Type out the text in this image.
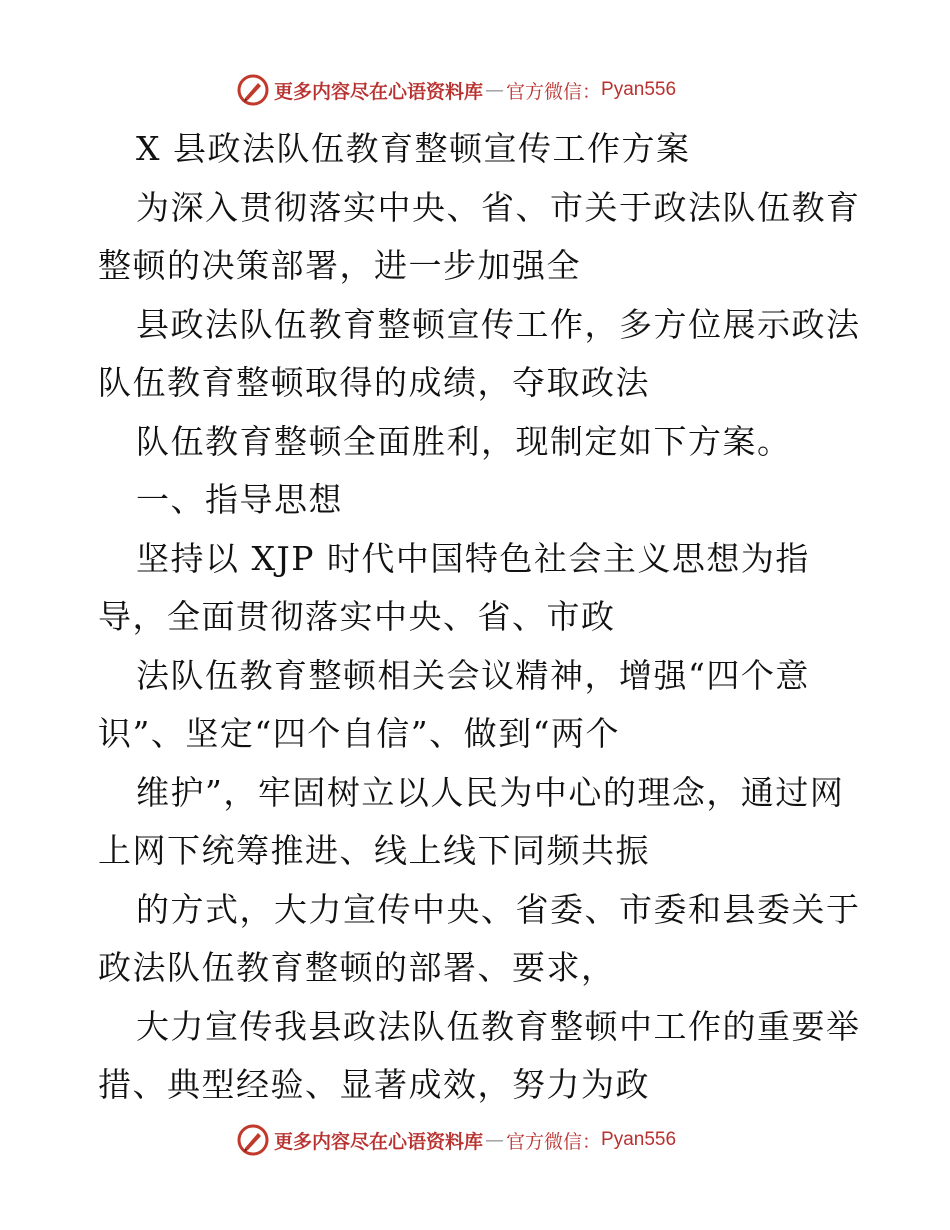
更多内容尽在心语资料库 — 官方微信： Pyan556
X 县政法队伍教育整顿宣传工作方案
为深入贯彻落实中央、省、市关于政法队伍教育
整顿的决策部署，进一步加强全
县政法队伍教育整顿宣传工作，多方位展示政法
队伍教育整顿取得的成绩，夺取政法
队伍教育整顿全面胜利，现制定如下方案。
一、指导思想
坚持以 XJP 时代中国特色社会主义思想为指
导，全面贯彻落实中央、省、市政
法队伍教育整顿相关会议精神，增强“四个意
识”、坚定“四个自信”、做到“两个
维护”，牢固树立以人民为中心的理念，通过网
上网下统筹推进、线上线下同频共振
的方式，大力宣传中央、省委、市委和县委关于
政法队伍教育整顿的部署、要求，
大力宣传我县政法队伍教育整顿中工作的重要举
措、典型经验、显著成效，努力为政
更多内容尽在心语资料库 — 官方微信： Pyan556
